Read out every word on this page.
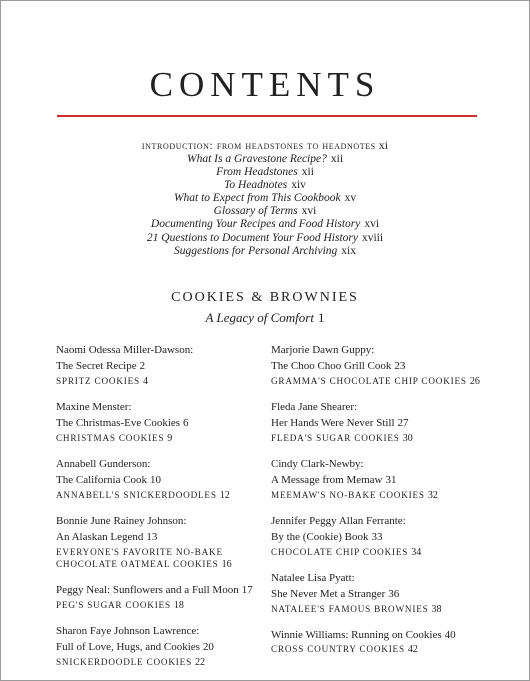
CONTENTS
introduction: from headstones to headnotes xi
What Is a Gravestone Recipe? xii
From Headstones xii
To Headnotes xiv
What to Expect from This Cookbook xv
Glossary of Terms xvi
Documenting Your Recipes and Food History xvi
21 Questions to Document Your Food History xviii
Suggestions for Personal Archiving xix
COOKIES & BROWNIES
A Legacy of Comfort 1
Naomi Odessa Miller-Dawson:
The Secret Recipe 2
SPRITZ COOKIES 4
Maxine Menster:
The Christmas-Eve Cookies 6
CHRISTMAS COOKIES 9
Annabell Gunderson:
The California Cook 10
ANNABELL'S SNICKERDOODLES 12
Bonnie June Rainey Johnson:
An Alaskan Legend 13
EVERYONE'S FAVORITE NO-BAKE
CHOCOLATE OATMEAL COOKIES 16
Peggy Neal: Sunflowers and a Full Moon 17
PEG'S SUGAR COOKIES 18
Sharon Faye Johnson Lawrence:
Full of Love, Hugs, and Cookies 20
SNICKERDOODLE COOKIES 22
Marjorie Dawn Guppy:
The Choo Choo Grill Cook 23
GRAMMA'S CHOCOLATE CHIP COOKIES 26
Fleda Jane Shearer:
Her Hands Were Never Still 27
FLEDA'S SUGAR COOKIES 30
Cindy Clark-Newby:
A Message from Memaw 31
MEEMAW'S NO-BAKE COOKIES 32
Jennifer Peggy Allan Ferrante:
By the (Cookie) Book 33
CHOCOLATE CHIP COOKIES 34
Natalee Lisa Pyatt:
She Never Met a Stranger 36
NATALEE'S FAMOUS BROWNIES 38
Winnie Williams: Running on Cookies 40
CROSS COUNTRY COOKIES 42
